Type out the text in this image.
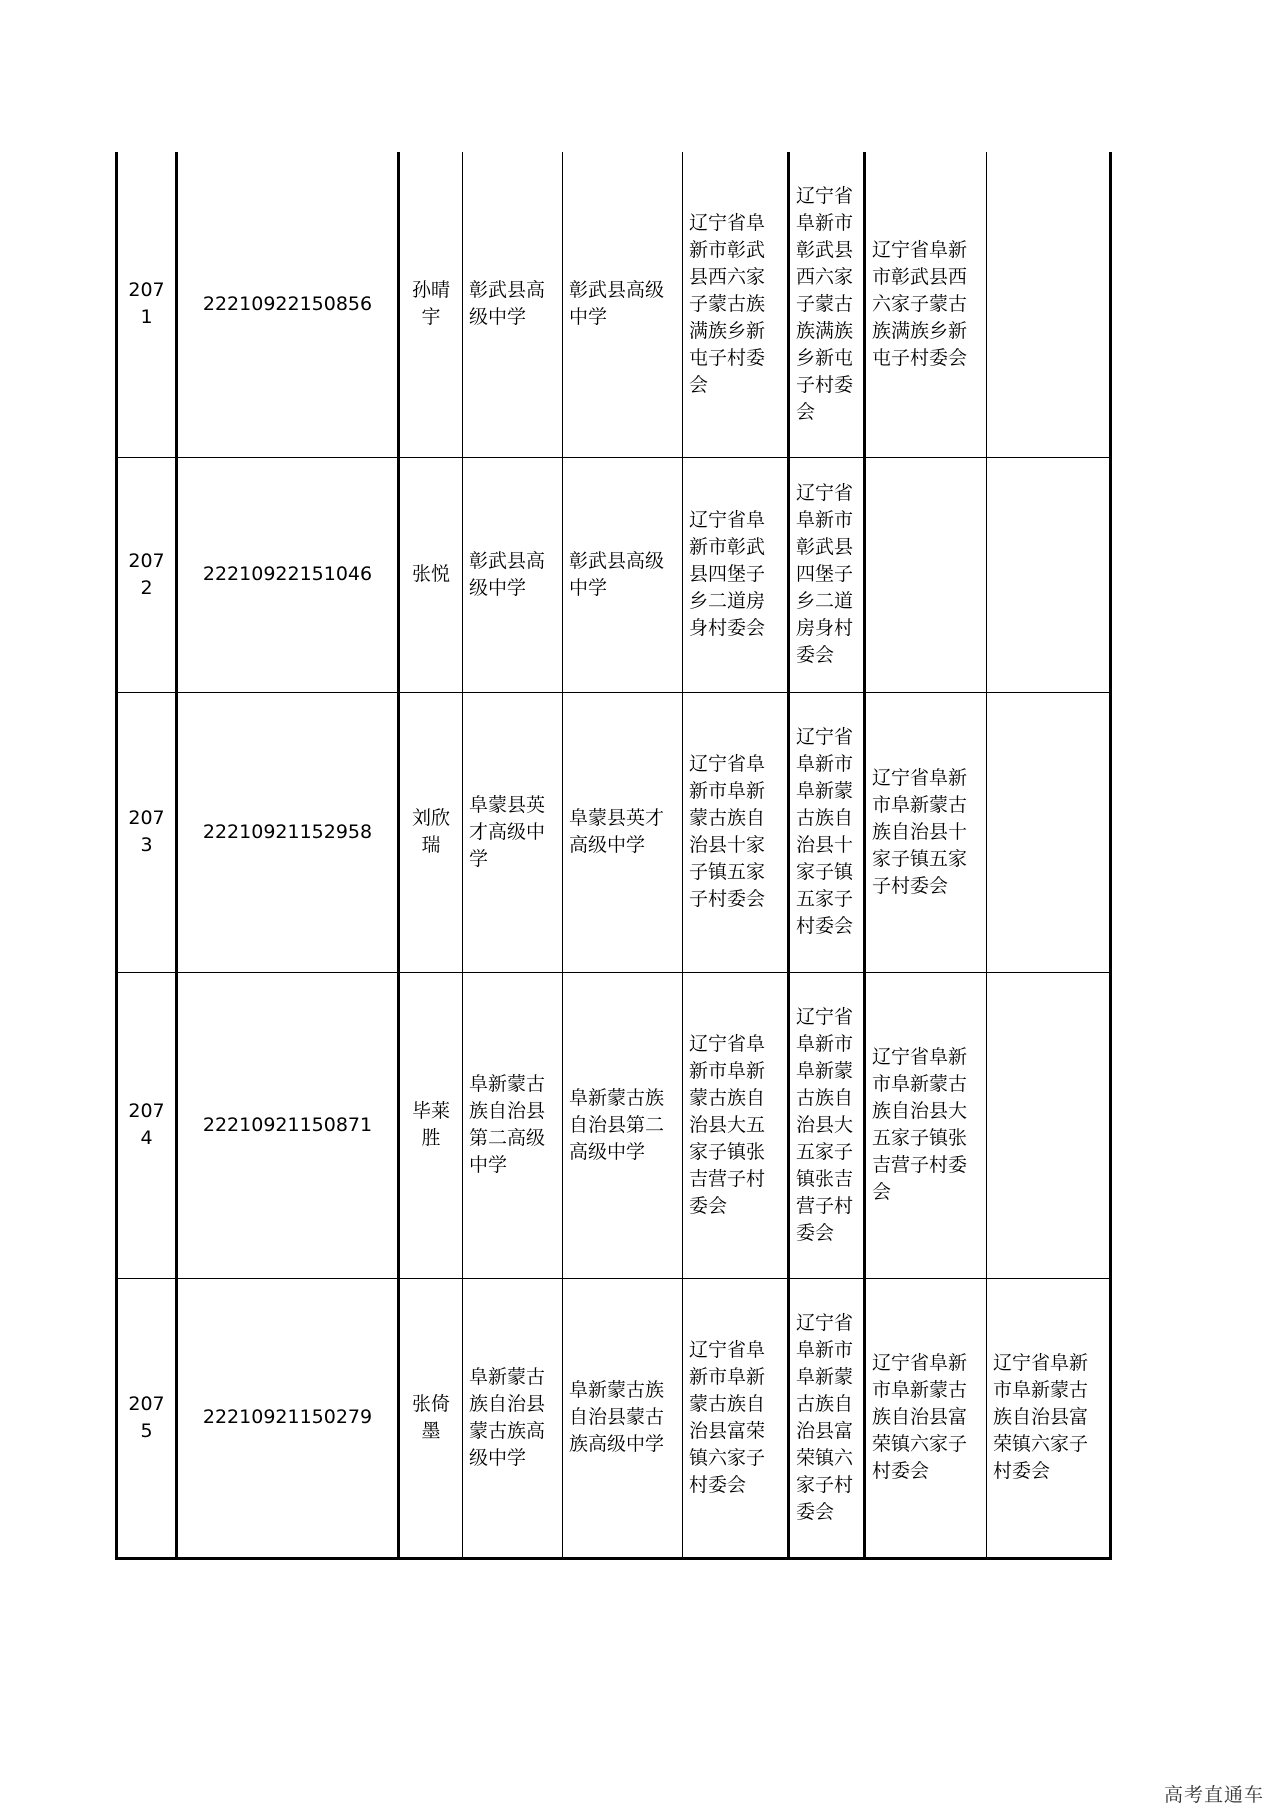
2071	22210922150856	孙晴宇	彰武县高级中学	彰武县高级中学	辽宁省阜新市彰武县西六家子蒙古族满族乡新屯子村委会	辽宁省阜新市彰武县西六家子蒙古族满族乡新屯子村委会	辽宁省阜新市彰武县西六家子蒙古族满族乡新屯子村委会	
2072	22210922151046	张悦	彰武县高级中学	彰武县高级中学	辽宁省阜新市彰武县四堡子乡二道房身村委会	辽宁省阜新市彰武县四堡子乡二道房身村委会		
2073	22210921152958	刘欣瑞	阜蒙县英才高级中学	阜蒙县英才高级中学	辽宁省阜新市阜新蒙古族自治县十家子镇五家子村委会	辽宁省阜新市阜新蒙古族自治县十家子镇五家子村委会	辽宁省阜新市阜新蒙古族自治县十家子镇五家子村委会	
2074	22210921150871	毕莱胜	阜新蒙古族自治县第二高级中学	阜新蒙古族自治县第二高级中学	辽宁省阜新市阜新蒙古族自治县大五家子镇张吉营子村委会	辽宁省阜新市阜新蒙古族自治县大五家子镇张吉营子村委会	辽宁省阜新市阜新蒙古族自治县大五家子镇张吉营子村委会	
2075	22210921150279	张倚墨	阜新蒙古族自治县蒙古族高级中学	阜新蒙古族自治县蒙古族高级中学	辽宁省阜新市阜新蒙古族自治县富荣镇六家子村委会	辽宁省阜新市阜新蒙古族自治县富荣镇六家子村委会	辽宁省阜新市阜新蒙古族自治县富荣镇六家子村委会	辽宁省阜新市阜新蒙古族自治县富荣镇六家子村委会
高考直通车
